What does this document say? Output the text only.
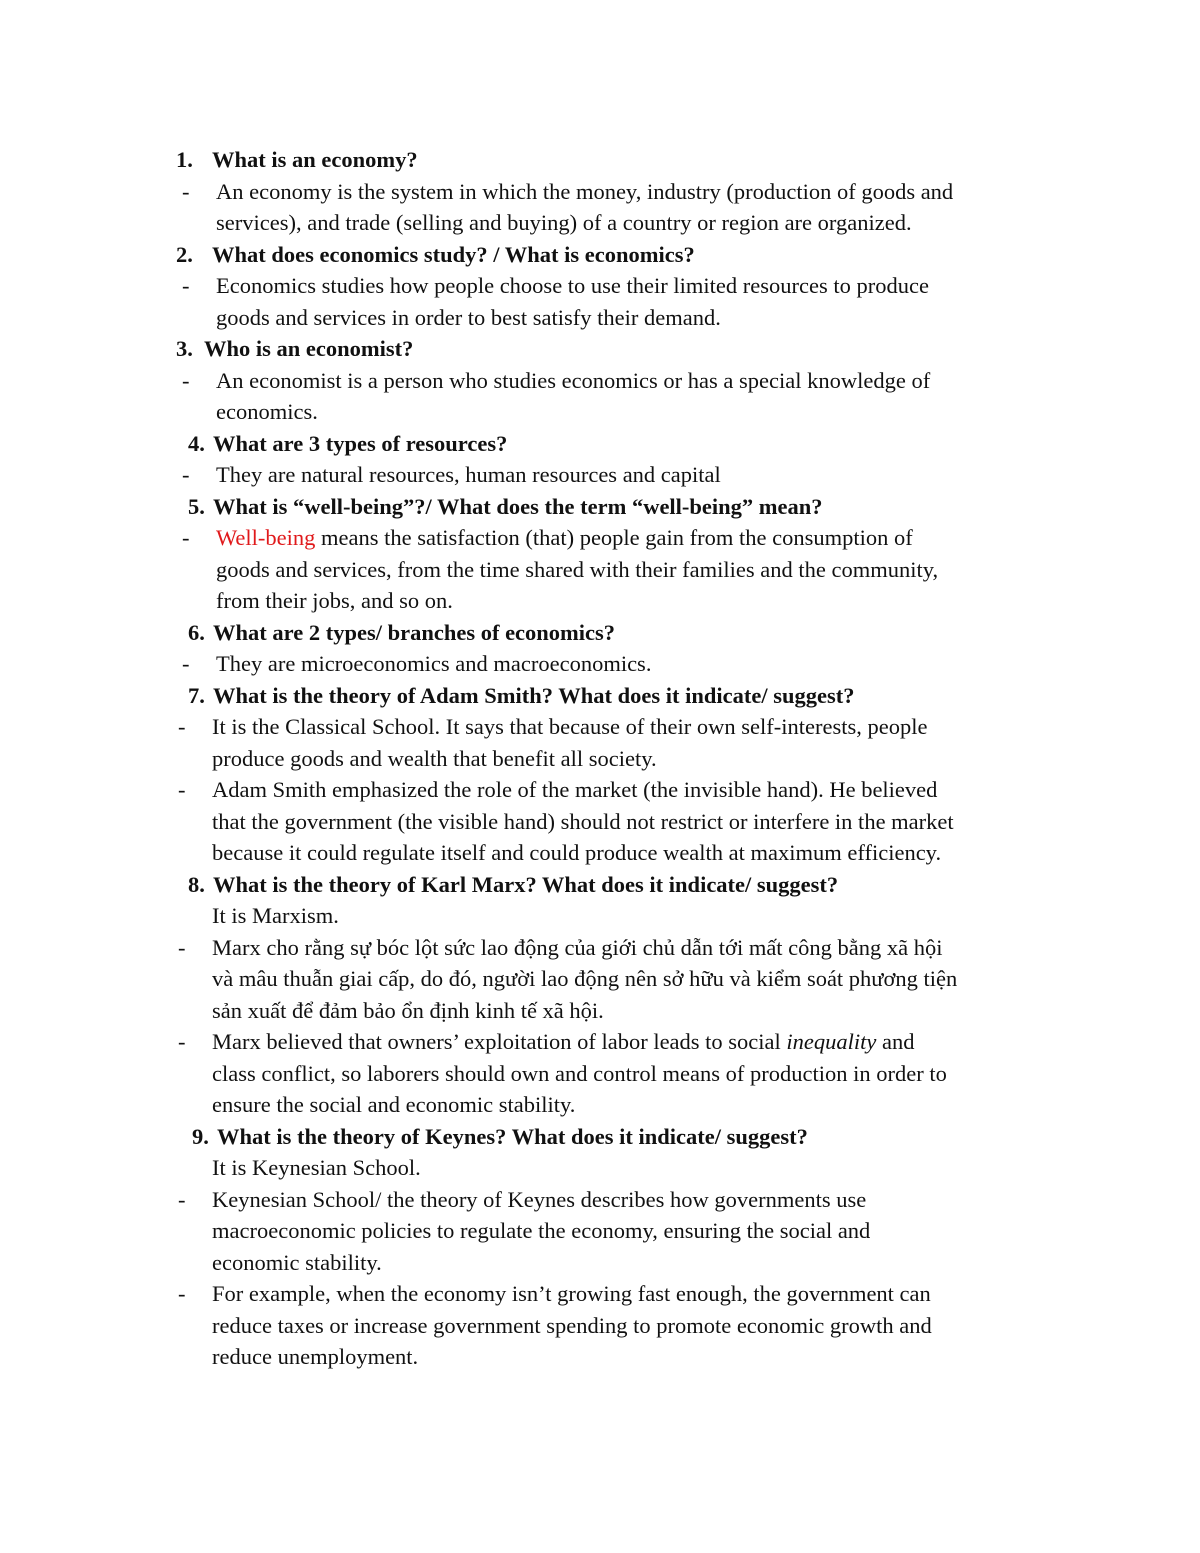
1. What is an economy?
- An economy is the system in which the money, industry (production of goods and
services), and trade (selling and buying) of a country or region are organized.
2. What does economics study? / What is economics?
- Economics studies how people choose to use their limited resources to produce
goods and services in order to best satisfy their demand.
3. Who is an economist?
- An economist is a person who studies economics or has a special knowledge of
economics.
4. What are 3 types of resources?
- They are natural resources, human resources and capital
5. What is “well-being”?/ What does the term “well-being” mean?
- Well-being means the satisfaction (that) people gain from the consumption of
goods and services, from the time shared with their families and the community,
from their jobs, and so on.
6. What are 2 types/ branches of economics?
- They are microeconomics and macroeconomics.
7. What is the theory of Adam Smith? What does it indicate/ suggest?
- It is the Classical School. It says that because of their own self-interests, people
produce goods and wealth that benefit all society.
- Adam Smith emphasized the role of the market (the invisible hand). He believed
that the government (the visible hand) should not restrict or interfere in the market
because it could regulate itself and could produce wealth at maximum efficiency.
8. What is the theory of Karl Marx? What does it indicate/ suggest?
It is Marxism.
- Marx cho rằng sự bóc lột sức lao động của giới chủ dẫn tới mất công bằng xã hội
và mâu thuẫn giai cấp, do đó, người lao động nên sở hữu và kiểm soát phương tiện
sản xuất để đảm bảo ổn định kinh tế xã hội.
- Marx believed that owners’ exploitation of labor leads to social inequality and
class conflict, so laborers should own and control means of production in order to
ensure the social and economic stability.
9. What is the theory of Keynes? What does it indicate/ suggest?
It is Keynesian School.
- Keynesian School/ the theory of Keynes describes how governments use
macroeconomic policies to regulate the economy, ensuring the social and
economic stability.
- For example, when the economy isn’t growing fast enough, the government can
reduce taxes or increase government spending to promote economic growth and
reduce unemployment.
